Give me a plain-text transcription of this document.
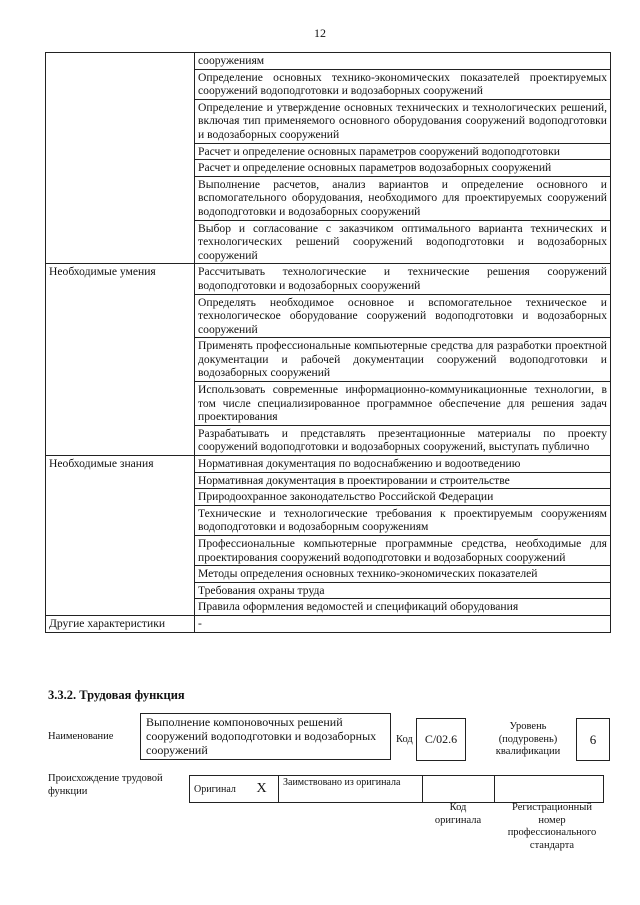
12
	сооружениям
	Определение основных технико-экономических показателей проектируемых сооружений водоподготовки и водозаборных сооружений
	Определение и утверждение основных технических и технологических решений, включая тип применяемого основного оборудования сооружений водоподготовки и водозаборных сооружений
	Расчет и определение основных параметров сооружений водоподготовки
	Расчет и определение основных параметров водозаборных сооружений
	Выполнение расчетов, анализ вариантов и определение основного и вспомогательного оборудования, необходимого для проектируемых сооружений водоподготовки и водозаборных сооружений
	Выбор и согласование с заказчиком оптимального варианта технических и технологических решений сооружений водоподготовки и водозаборных сооружений
Необходимые умения	Рассчитывать технологические и технические решения сооружений водоподготовки и водозаборных сооружений
	Определять необходимое основное и вспомогательное техническое и технологическое оборудование сооружений водоподготовки и водозаборных сооружений
	Применять профессиональные компьютерные средства для разработки проектной документации и рабочей документации сооружений водоподготовки и водозаборных сооружений
	Использовать современные информационно-коммуникационные технологии, в том числе специализированное программное обеспечение для решения задач проектирования
	Разрабатывать и представлять презентационные материалы по проекту сооружений водоподготовки и водозаборных сооружений, выступать публично
Необходимые знания	Нормативная документация по водоснабжению и водоотведению
	Нормативная документация в проектировании и строительстве
	Природоохранное законодательство Российской Федерации
	Технические и технологические требования к проектируемым сооружениям водоподготовки и водозаборным сооружениям
	Профессиональные компьютерные программные средства, необходимые для проектирования сооружений водоподготовки и водозаборных сооружений
	Методы определения основных технико-экономических показателей
	Требования охраны труда
	Правила оформления ведомостей и спецификаций оборудования
Другие характеристики	-
3.3.2. Трудовая функция
Наименование
Выполнение компоновочных решений сооружений водоподготовки и водозаборных сооружений
Код	С/02.6
Уровень (подуровень) квалификации
6
Происхождение трудовой функции	Оригинал	X	Заимствовано из оригинала		
Код оригинала
Регистрационный номер профессионального стандарта
